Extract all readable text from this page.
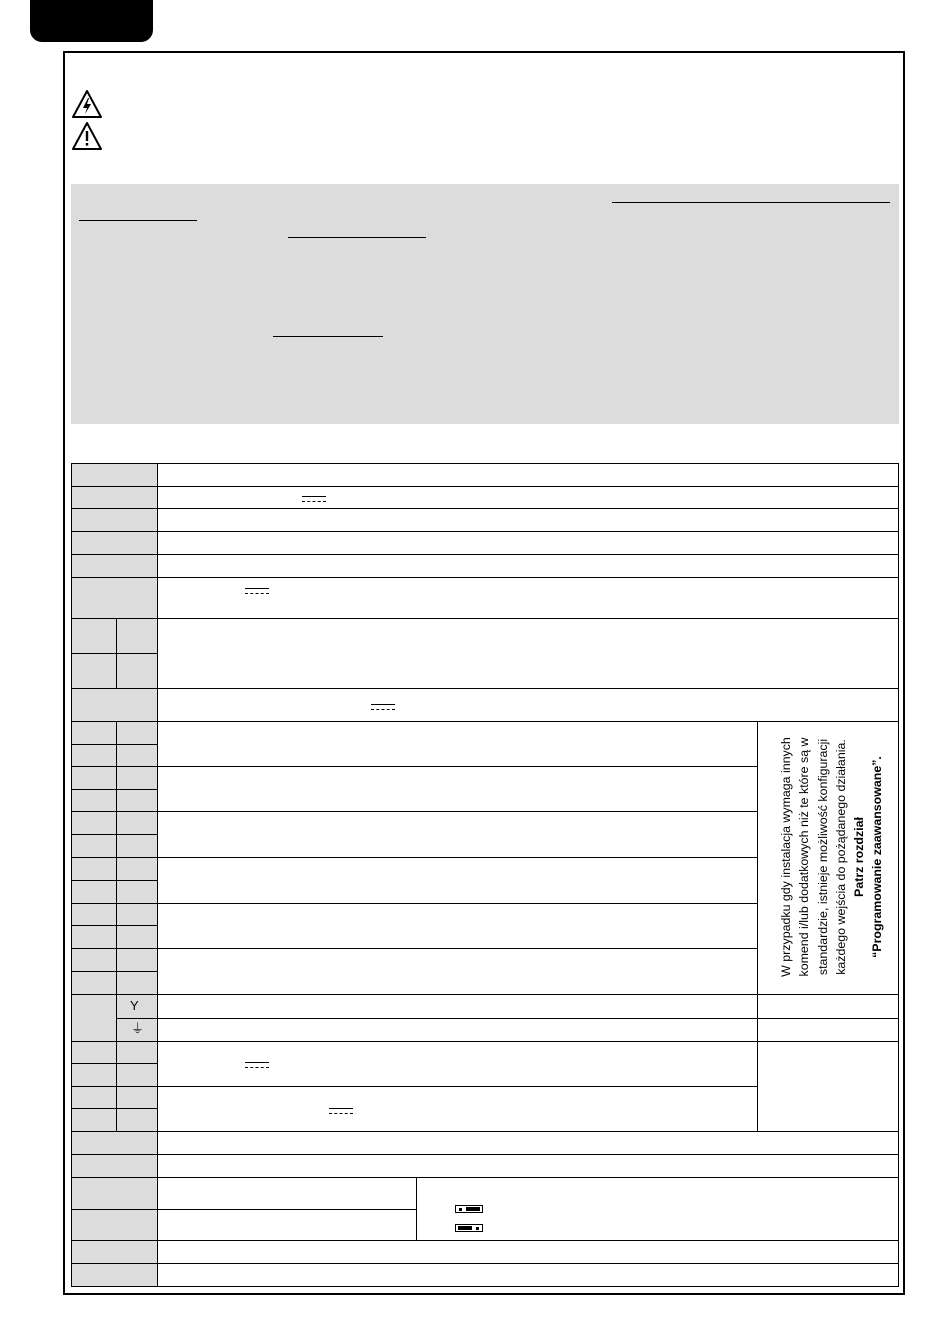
Y
⏚
W przypadku gdy instalacja wymaga innych komend i/lub dodatkowych niż te które są w standardzie, istnieje możliwość konfiguracji każdego wejścia do pożądanego działania. Patrz rozdział “Programowanie zaawansowane”.
